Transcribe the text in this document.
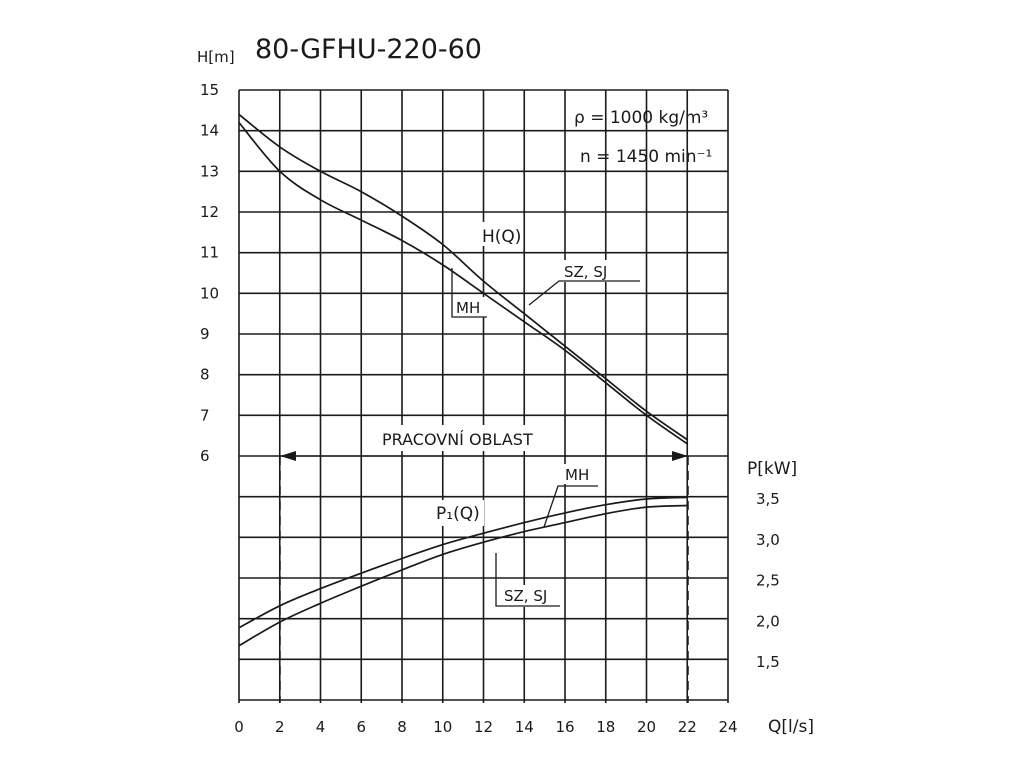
6
7
8
9
10
11
12
13
14
15
1,5
2,0
2,5
3,0
3,5
0 2 4 6 8 10 12 14 16 18 20 22 24
80-GFHU-220-60
H[m]
P[kW]
Q[l/s]
ρ = 1000 kg/m³
n = 1450 min⁻¹
PRACOVNÍ OBLAST
H(Q)
P₁(Q)
SZ, SJ
MH
MH
SZ, SJ
